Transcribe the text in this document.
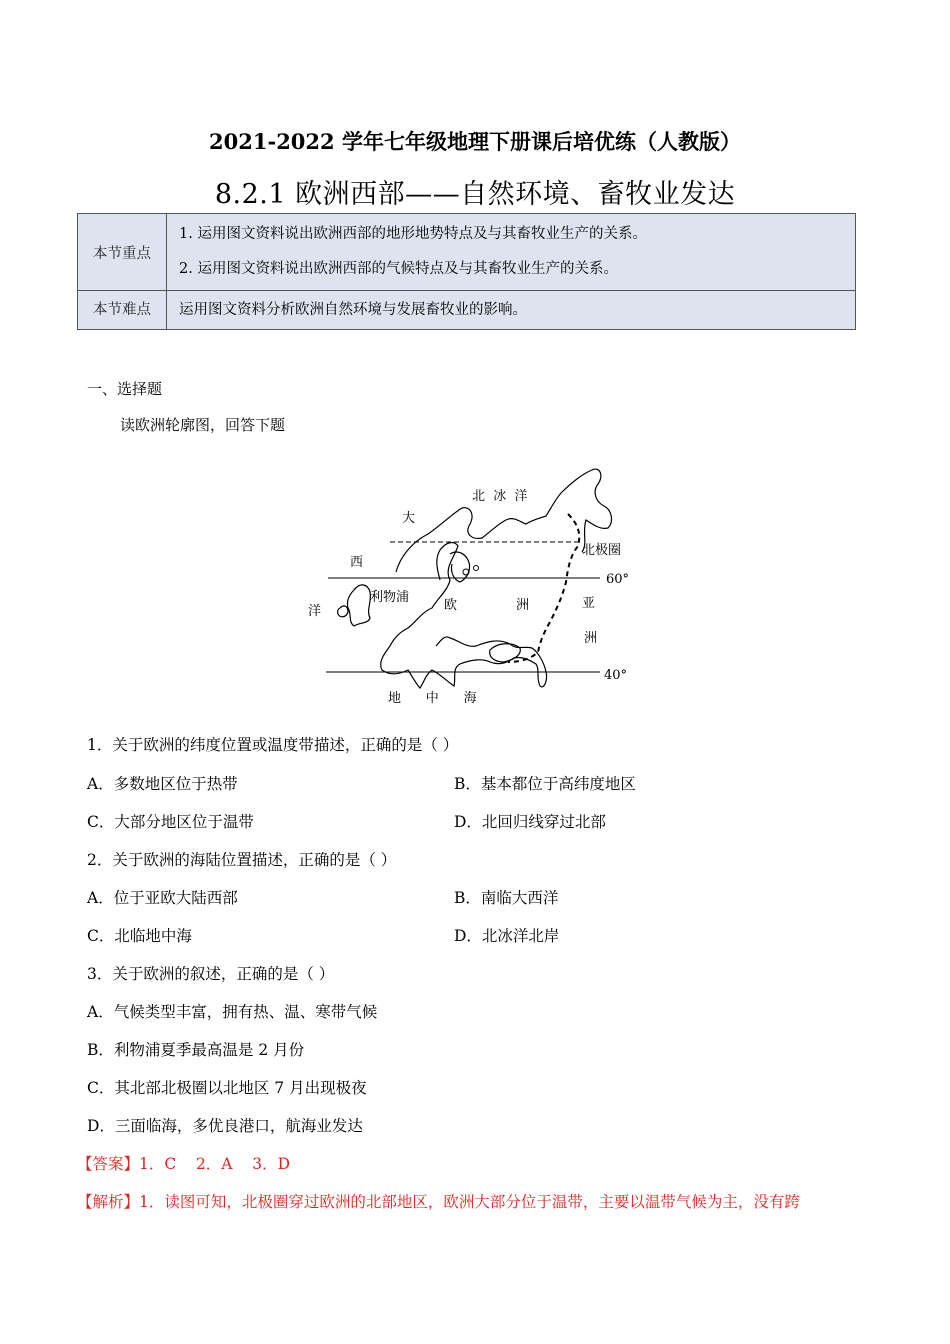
2021-2022 学年七年级地理下册课后培优练（人教版）
8.2.1 欧洲西部——自然环境、畜牧业发达
本节重点	1. 运用图文资料说出欧洲西部的地形地势特点及与其畜牧业生产的关系。
2. 运用图文资料说出欧洲西部的气候特点及与其畜牧业生产的关系。

本节难点	运用图文资料分析欧洲自然环境与发展畜牧业的影响。
一、选择题
读欧洲轮廓图，回答下题
大
西
洋
北  冰  洋
北极圈
60°
40°
利物浦
欧	洲	亚
洲
地      中      海
1．关于欧洲的纬度位置或温度带描述，正确的是（ ）
A．多数地区位于热带	B．基本都位于高纬度地区
C．大部分地区位于温带	D．北回归线穿过北部
2．关于欧洲的海陆位置描述，正确的是（ ）
A．位于亚欧大陆西部	B．南临大西洋
C．北临地中海	D．北冰洋北岸
3．关于欧洲的叙述，正确的是（ ）
A．气候类型丰富，拥有热、温、寒带气候
B．利物浦夏季最高温是 2 月份
C．其北部北极圈以北地区 7 月出现极夜
D．三面临海，多优良港口，航海业发达
【答案】1．C    2．A    3．D
【解析】1．读图可知，北极圈穿过欧洲的北部地区，欧洲大部分位于温带，主要以温带气候为主，没有跨
